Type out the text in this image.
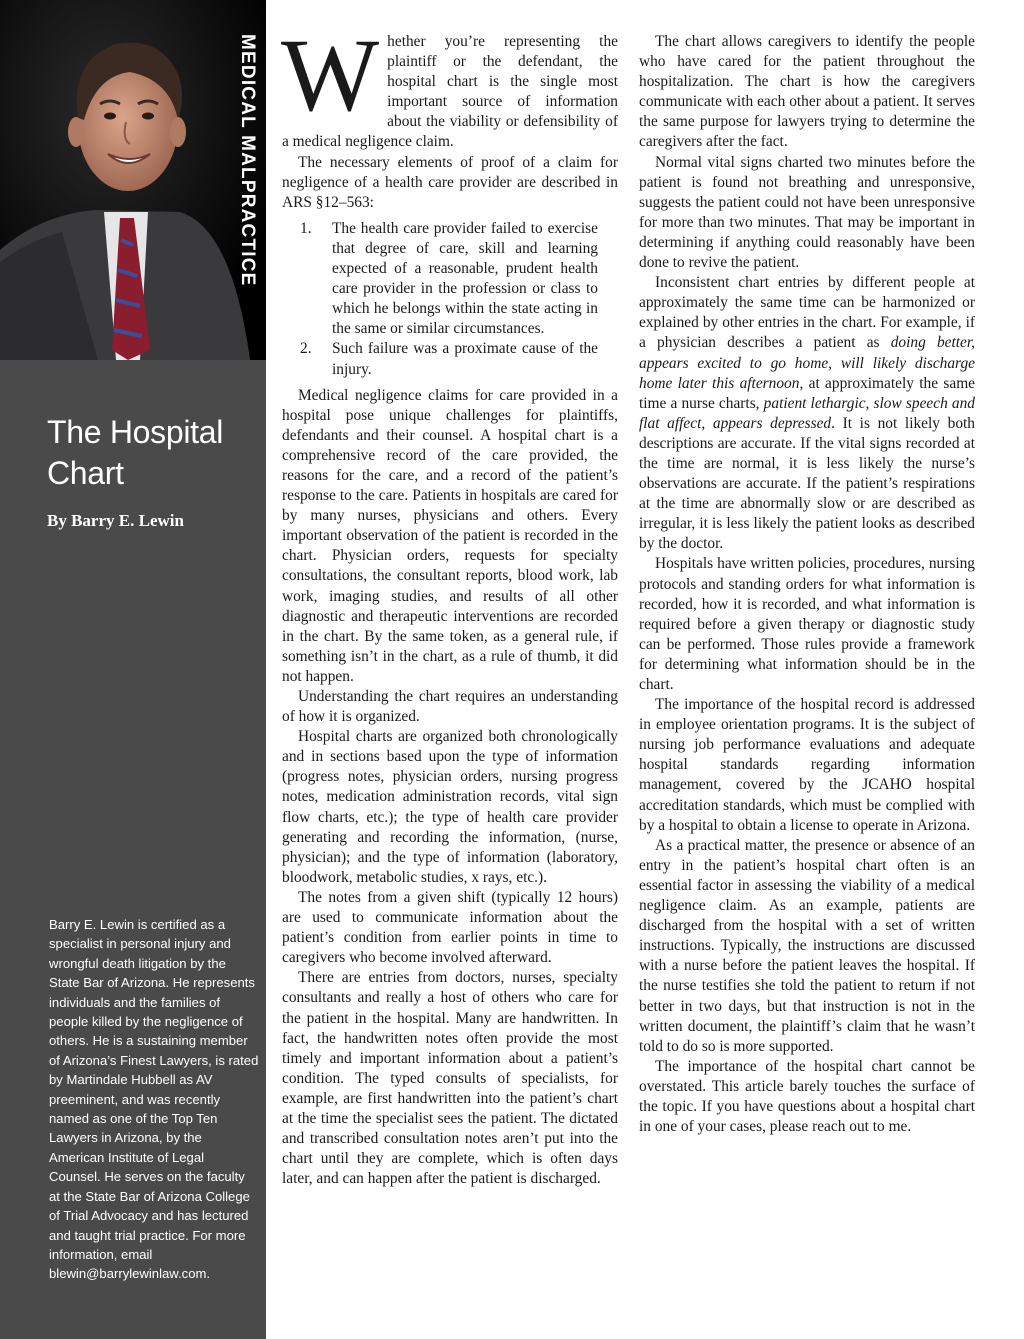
MEDICAL MALPRACTICE
The Hospital
Chart
By Barry E. Lewin
Barry E. Lewin is certified as a specialist in personal injury and wrongful death litigation by the State Bar of Arizona. He represents individuals and the families of people killed by the negligence of others. He is a sustaining member of Arizona’s Finest Lawyers, is rated by Martindale Hubbell as AV preeminent, and was recently named as one of the Top Ten Lawyers in Arizona, by the American Institute of Legal Counsel. He serves on the faculty at the State Bar of Arizona College of Trial Advocacy and has lectured and taught trial practice. For more information, email blewin@barrylewinlaw.com.

Whether you’re representing the plaintiff or the defendant, the hospital chart is the single most important source of information about the viability or defensibility of a medical negligence claim.

The necessary elements of proof of a claim for negligence of a health care provider are described in ARS §12–563:

1. The health care provider failed to exercise that degree of care, skill and learning expected of a reasonable, prudent health care provider in the profession or class to which he belongs within the state acting in the same or similar circumstances.
2. Such failure was a proximate cause of the injury.

Medical negligence claims for care provided in a hospital pose unique challenges for plaintiffs, defendants and their counsel. A hospital chart is a comprehensive record of the care provided, the reasons for the care, and a record of the patient’s response to the care. Patients in hospitals are cared for by many nurses, physicians and others. Every important observation of the patient is recorded in the chart. Physician orders, requests for specialty consultations, the consultant reports, blood work, lab work, imaging studies, and results of all other diagnostic and therapeutic interventions are recorded in the chart. By the same token, as a general rule, if something isn’t in the chart, as a rule of thumb, it did not happen.

Understanding the chart requires an understanding of how it is organized.

Hospital charts are organized both chronologically and in sections based upon the type of information (progress notes, physician orders, nursing progress notes, medication administration records, vital sign flow charts, etc.); the type of health care provider generating and recording the information, (nurse, physician); and the type of information (laboratory, bloodwork, metabolic studies, x rays, etc.).

The notes from a given shift (typically 12 hours) are used to communicate information about the patient’s condition from earlier points in time to caregivers who become involved afterward.

There are entries from doctors, nurses, specialty consultants and really a host of others who care for the patient in the hospital. Many are handwritten. In fact, the handwritten notes often provide the most timely and important information about a patient’s condition. The typed consults of specialists, for example, are first handwritten into the patient’s chart at the time the specialist sees the patient. The dictated and transcribed consultation notes aren’t put into the chart until they are complete, which is often days later, and can happen after the patient is discharged.

The chart allows caregivers to identify the people who have cared for the patient throughout the hospitalization. The chart is how the caregivers communicate with each other about a patient. It serves the same purpose for lawyers trying to determine the caregivers after the fact.

Normal vital signs charted two minutes before the patient is found not breathing and unresponsive, suggests the patient could not have been unresponsive for more than two minutes. That may be important in determining if anything could reasonably have been done to revive the patient.

Inconsistent chart entries by different people at approximately the same time can be harmonized or explained by other entries in the chart. For example, if a physician describes a patient as doing better, appears excited to go home, will likely discharge home later this afternoon, at approximately the same time a nurse charts, patient lethargic, slow speech and flat affect, appears depressed. It is not likely both descriptions are accurate. If the vital signs recorded at the time are normal, it is less likely the nurse’s observations are accurate. If the patient’s respirations at the time are abnormally slow or are described as irregular, it is less likely the patient looks as described by the doctor.

Hospitals have written policies, procedures, nursing protocols and standing orders for what information is recorded, how it is recorded, and what information is required before a given therapy or diagnostic study can be performed. Those rules provide a framework for determining what information should be in the chart.

The importance of the hospital record is addressed in employee orientation programs. It is the subject of nursing job performance evaluations and adequate hospital standards regarding information management, covered by the JCAHO hospital accreditation standards, which must be complied with by a hospital to obtain a license to operate in Arizona.

As a practical matter, the presence or absence of an entry in the patient’s hospital chart often is an essential factor in assessing the viability of a medical negligence claim. As an example, patients are discharged from the hospital with a set of written instructions. Typically, the instructions are discussed with a nurse before the patient leaves the hospital. If the nurse testifies she told the patient to return if not better in two days, but that instruction is not in the written document, the plaintiff’s claim that he wasn’t told to do so is more supported.

The importance of the hospital chart cannot be overstated. This article barely touches the surface of the topic. If you have questions about a hospital chart in one of your cases, please reach out to me.
